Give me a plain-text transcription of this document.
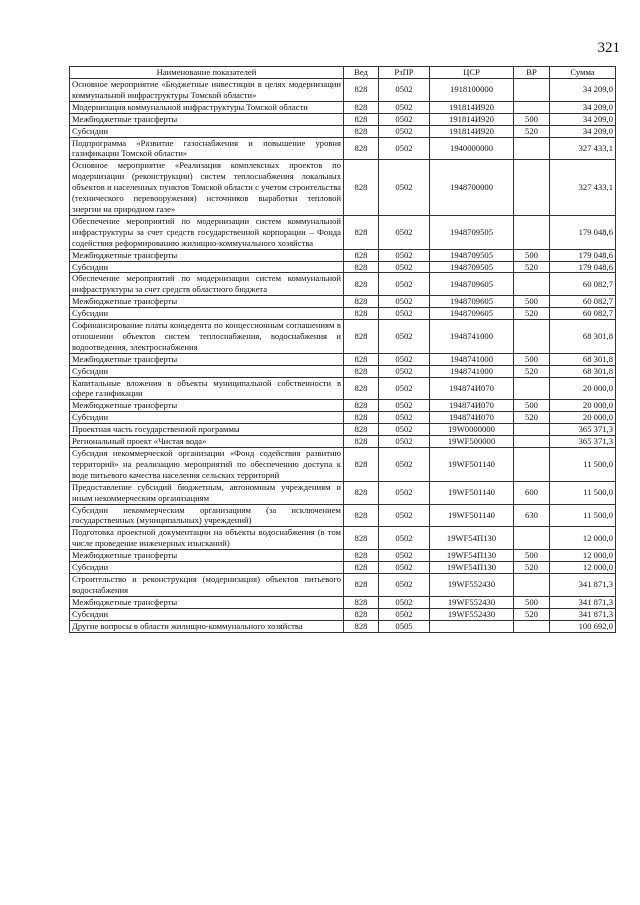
321
Наименование показателей	Вед	РзПР	ЦСР	ВР	Сумма
Основное мероприятие «Бюджетные инвестиции в целях модернизации коммунальной инфраструктуры Томской области»	828	0502	1918100000		34 209,0
Модернизация коммунальной инфраструктуры Томской области	828	0502	191814И920		34 209,0
Межбюджетные трансферты	828	0502	191814И920	500	34 209,0
Субсидии	828	0502	191814И920	520	34 209,0
Подпрограмма «Развитие газоснабжения и повышение уровня газификации Томской области»	828	0502	1940000000		327 433,1
Основное мероприятие «Реализация комплексных проектов по модернизации (реконструкции) систем теплоснабжения локальных объектов и населенных пунктов Томской области с учетом строительства (технического перевооружения) источников выработки тепловой энергии на природном газе»	828	0502	1948700000		327 433,1
Обеспечение мероприятий по модернизации систем коммунальной инфраструктуры за счет средств государственной корпорации – Фонда содействия реформированию жилищно-коммунального хозяйства	828	0502	1948709505		179 048,6
Межбюджетные трансферты	828	0502	1948709505	500	179 048,6
Субсидии	828	0502	1948709505	520	179 048,6
Обеспечение мероприятий по модернизации систем коммунальной инфраструктуры за счет средств областного бюджета	828	0502	1948709605		60 082,7
Межбюджетные трансферты	828	0502	1948709605	500	60 082,7
Субсидии	828	0502	1948709605	520	60 082,7
Софинансирование платы концедента по концессионным соглашениям в отношении объектов систем теплоснабжения, водоснабжения и водоотведения, электроснабжения	828	0502	1948741000		68 301,8
Межбюджетные трансферты	828	0502	1948741000	500	68 301,8
Субсидии	828	0502	1948741000	520	68 301,8
Капитальные вложения в объекты муниципальной собственности в сфере газификации	828	0502	194874И070		20 000,0
Межбюджетные трансферты	828	0502	194874И070	500	20 000,0
Субсидии	828	0502	194874И070	520	20 000,0
Проектная часть государственной программы	828	0502	19W0000000		365 371,3
Региональный проект «Чистая вода»	828	0502	19WF500000		365 371,3
Субсидия некоммерческой организации «Фонд содействия развитию территорий» на реализацию мероприятий по обеспечению доступа к воде питьевого качества населения сельских территорий	828	0502	19WF501140		11 500,0
Предоставление субсидий бюджетным, автономным учреждениям и иным некоммерческим организациям	828	0502	19WF501140	600	11 500,0
Субсидии некоммерческим организациям (за исключением государственных (муниципальных) учреждений)	828	0502	19WF501140	630	11 500,0
Подготовка проектной документации на объекты водоснабжения (в том числе проведение инженерных изысканий)	828	0502	19WF54П130		12 000,0
Межбюджетные трансферты	828	0502	19WF54П130	500	12 000,0
Субсидии	828	0502	19WF54П130	520	12 000,0
Строительство и реконструкция (модернизация) объектов питьевого водоснабжения	828	0502	19WF552430		341 871,3
Межбюджетные трансферты	828	0502	19WF552430	500	341 871,3
Субсидии	828	0502	19WF552430	520	341 871,3
Другие вопросы в области жилищно-коммунального хозяйства	828	0505			100 692,0
